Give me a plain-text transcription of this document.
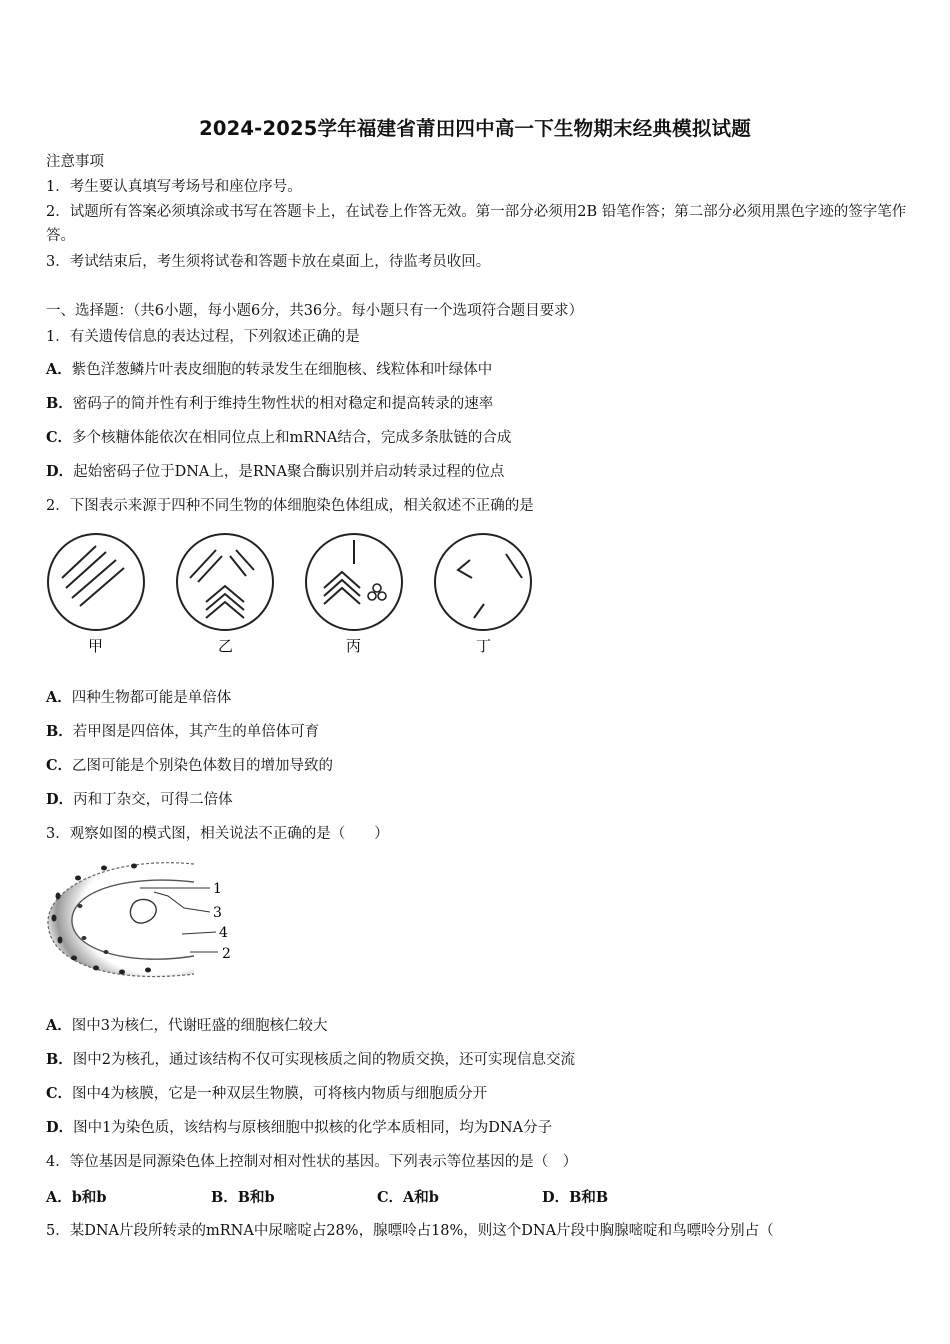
2024-2025学年福建省莆田四中高一下生物期末经典模拟试题
注意事项
1．考生要认真填写考场号和座位序号。
2．试题所有答案必须填涂或书写在答题卡上，在试卷上作答无效。第一部分必须用2B 铅笔作答；第二部分必须用黑色字迹的签字笔作答。
3．考试结束后，考生须将试卷和答题卡放在桌面上，待监考员收回。
一、选择题：（共6小题，每小题6分，共36分。每小题只有一个选项符合题目要求）
1．有关遗传信息的表达过程，下列叙述正确的是
A．紫色洋葱鳞片叶表皮细胞的转录发生在细胞核、线粒体和叶绿体中
B．密码子的简并性有利于维持生物性状的相对稳定和提高转录的速率
C．多个核糖体能依次在相同位点上和mRNA结合，完成多条肽链的合成
D．起始密码子位于DNA上，是RNA聚合酶识别并启动转录过程的位点
2．下图表示来源于四种不同生物的体细胞染色体组成，相关叙述不正确的是
甲	乙	丙	丁
A．四种生物都可能是单倍体
B．若甲图是四倍体，其产生的单倍体可育
C．乙图可能是个别染色体数目的增加导致的
D．丙和丁杂交，可得二倍体
3．观察如图的模式图，相关说法不正确的是（　　）
1
3
4
2
A．图中3为核仁，代谢旺盛的细胞核仁较大
B．图中2为核孔，通过该结构不仅可实现核质之间的物质交换，还可实现信息交流
C．图中4为核膜，它是一种双层生物膜，可将核内物质与细胞质分开
D．图中1为染色质，该结构与原核细胞中拟核的化学本质相同，均为DNA分子
4．等位基因是同源染色体上控制对相对性状的基因。下列表示等位基因的是（　）
A．b和b	B．B和b	C．A和b	D．B和B
5．某DNA片段所转录的mRNA中尿嘧啶占28%，腺嘌呤占18%，则这个DNA片段中胸腺嘧啶和鸟嘌呤分别占（
